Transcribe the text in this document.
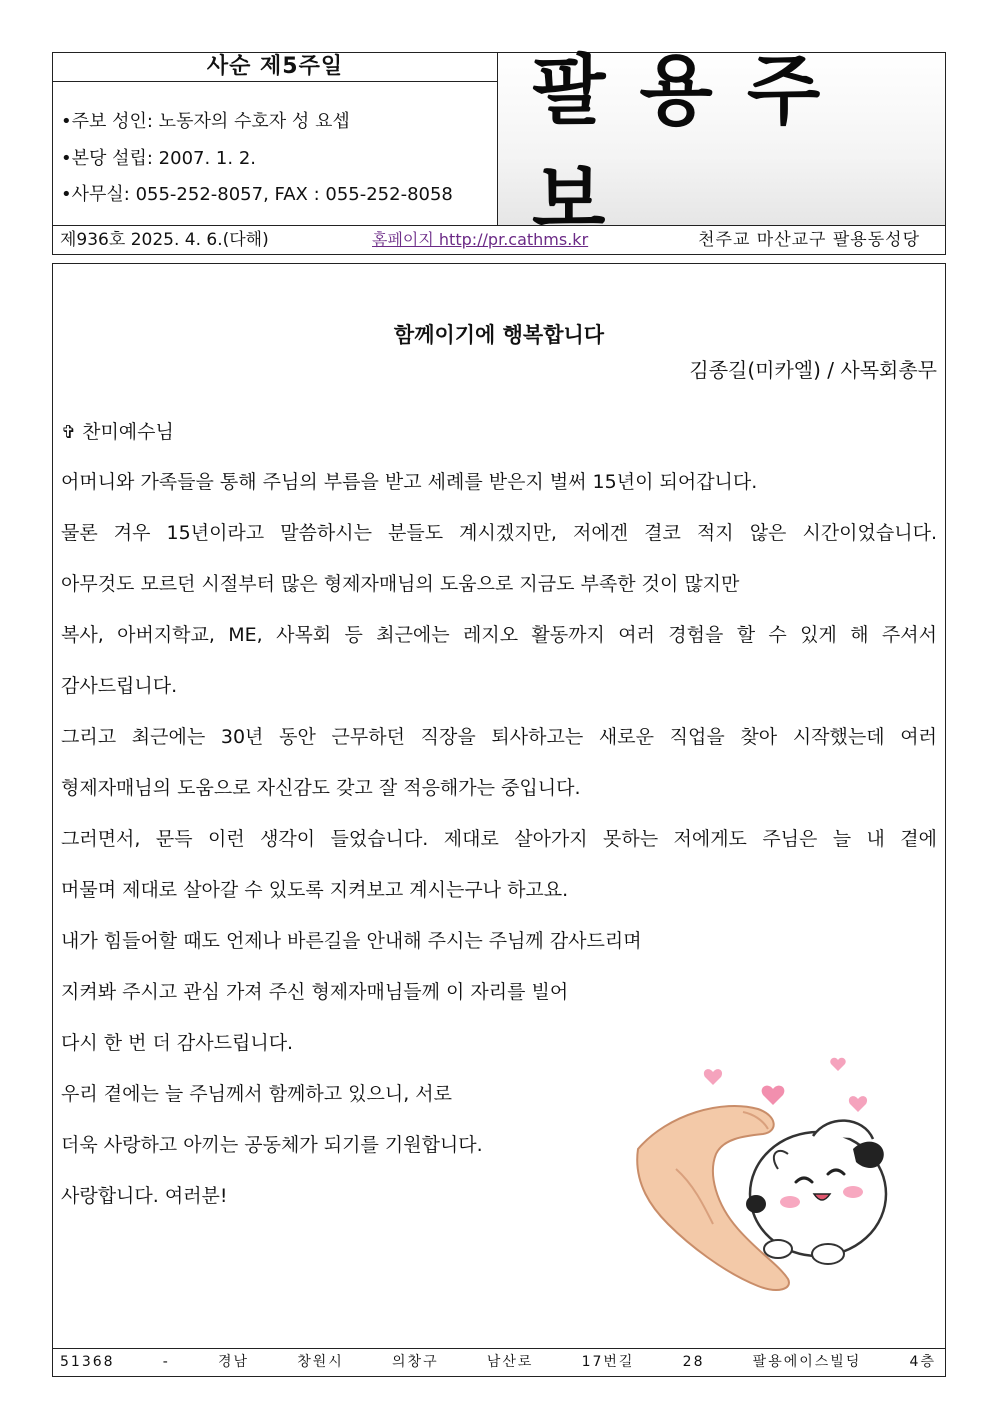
사순 제5주일
•주보 성인: 노동자의 수호자 성 요셉
•본당 설립: 2007. 1. 2.
•사무실: 055-252-8057, FAX : 055-252-8058
팔용주보
제936호 2025. 4. 6.(다해)	홈페이지 http://pr.cathms.kr	천주교 마산교구 팔용동성당
함께이기에 행복합니다
김종길(미카엘) / 사목회총무
✞ 찬미예수님
어머니와 가족들을 통해 주님의 부름을 받고 세례를 받은지 벌써 15년이 되어갑니다.
물론 겨우 15년이라고 말씀하시는 분들도 계시겠지만, 저에겐 결코 적지 않은 시간이었습니다.
아무것도 모르던 시절부터 많은 형제자매님의 도움으로 지금도 부족한 것이 많지만
복사, 아버지학교, ME, 사목회 등 최근에는 레지오 활동까지 여러 경험을 할 수 있게 해 주셔서
감사드립니다.
그리고 최근에는 30년 동안 근무하던 직장을 퇴사하고는 새로운 직업을 찾아 시작했는데 여러
형제자매님의 도움으로 자신감도 갖고 잘 적응해가는 중입니다.
그러면서, 문득 이런 생각이 들었습니다. 제대로 살아가지 못하는 저에게도 주님은 늘 내 곁에
머물며 제대로 살아갈 수 있도록 지켜보고 계시는구나 하고요.
내가 힘들어할 때도 언제나 바른길을 안내해 주시는 주님께 감사드리며
지켜봐 주시고 관심 가져 주신 형제자매님들께 이 자리를 빌어
다시 한 번 더 감사드립니다.
우리 곁에는 늘 주님께서 함께하고 있으니, 서로
더욱 사랑하고 아끼는 공동체가 되기를 기원합니다.
사랑합니다. 여러분!
51368 - 경남 창원시 의창구 남산로 17번길 28 팔용에이스빌딩 4층
